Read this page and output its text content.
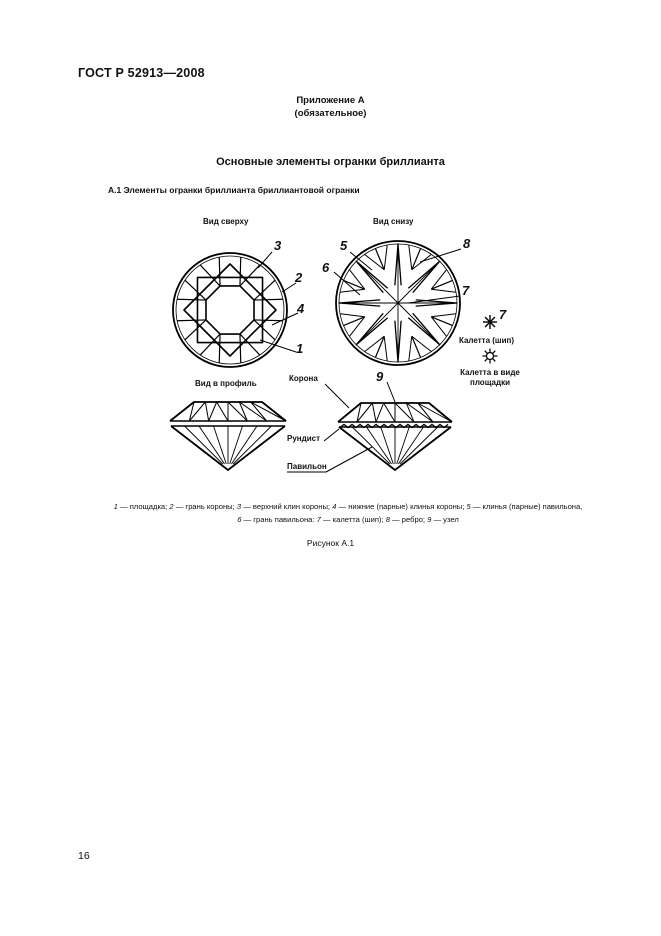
ГОСТ Р 52913—2008
Приложение А
(обязательное)
Основные элементы огранки бриллианта
А.1 Элементы огранки бриллианта бриллиантовой огранки
Вид сверху	Вид снизу
Вид в профиль
3
2
4
1
5	8
6
7
7
9
Калетта (шип)
Калетта в виде
площадки
Корона
Рундист
Павильон
1 — площадка; 2 — грань короны; 3 — верхний клин короны; 4 — нижние (парные) клинья короны; 5 — клинья (парные) павильона,
6 — грань павильона: 7 — калетта (шип); 8 — ребро; 9 — узел
Рисунок А.1
16
